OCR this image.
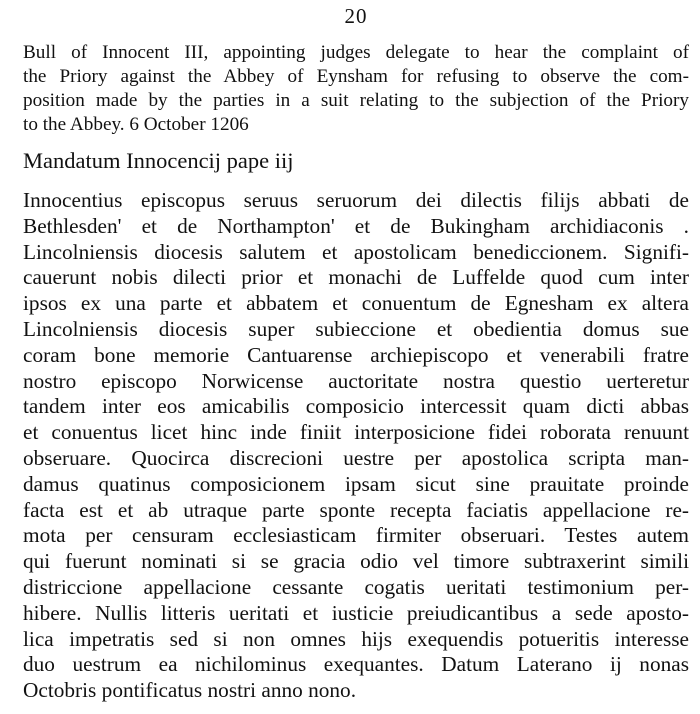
20
Bull of Innocent III, appointing judges delegate to hear the complaint of
the Priory against the Abbey of Eynsham for refusing to observe the com-
position made by the parties in a suit relating to the subjection of the Priory
to the Abbey. 6 October 1206
Mandatum Innocencij pape iij
Innocentius episcopus seruus seruorum dei dilectis filijs abbati de
Bethlesden' et de Northampton' et de Bukingham archidiaconis .
Lincolniensis diocesis salutem et apostolicam benediccionem. Signifi-
cauerunt nobis dilecti prior et monachi de Luffelde quod cum inter
ipsos ex una parte et abbatem et conuentum de Egnesham ex altera
Lincolniensis diocesis super subieccione et obedientia domus sue
coram bone memorie Cantuarense archiepiscopo et venerabili fratre
nostro episcopo Norwicense auctoritate nostra questio uerteretur
tandem inter eos amicabilis composicio intercessit quam dicti abbas
et conuentus licet hinc inde finiit interposicione fidei roborata renuunt
obseruare. Quocirca discrecioni uestre per apostolica scripta man-
damus quatinus composicionem ipsam sicut sine prauitate proinde
facta est et ab utraque parte sponte recepta faciatis appellacione re-
mota per censuram ecclesiasticam firmiter obseruari. Testes autem
qui fuerunt nominati si se gracia odio vel timore subtraxerint simili
districcione appellacione cessante cogatis ueritati testimonium per-
hibere. Nullis litteris ueritati et iusticie preiudicantibus a sede aposto-
lica impetratis sed si non omnes hijs exequendis potueritis interesse
duo uestrum ea nichilominus exequantes. Datum Laterano ij nonas
Octobris pontificatus nostri anno nono.
